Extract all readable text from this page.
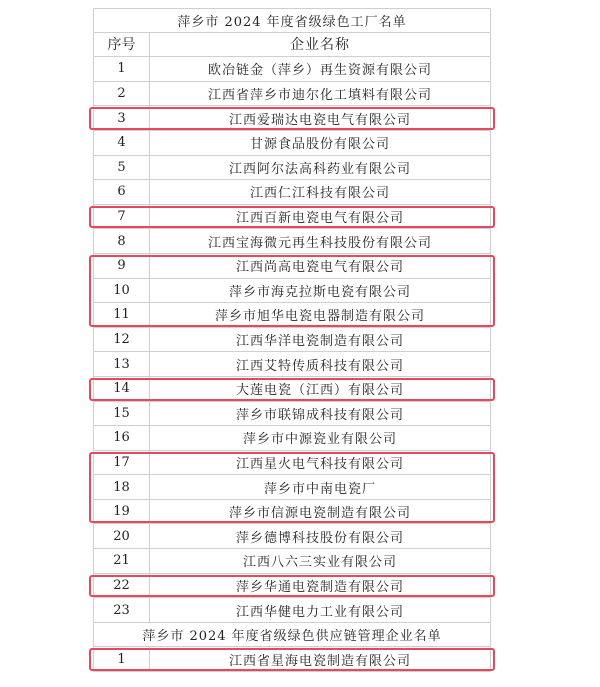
萍乡市 2024 年度省级绿色工厂名单
序号	企业名称
1	欧冶链金（萍乡）再生资源有限公司
2	江西省萍乡市迪尔化工填料有限公司
3	江西爱瑞达电瓷电气有限公司
4	甘源食品股份有限公司
5	江西阿尔法高科药业有限公司
6	江西仁江科技有限公司
7	江西百新电瓷电气有限公司
8	江西宝海微元再生科技股份有限公司
9	江西尚高电瓷电气有限公司
10	萍乡市海克拉斯电瓷有限公司
11	萍乡市旭华电瓷电器制造有限公司
12	江西华洋电瓷制造有限公司
13	江西艾特传质科技有限公司
14	大莲电瓷（江西）有限公司
15	萍乡市联锦成科技有限公司
16	萍乡市中源瓷业有限公司
17	江西星火电气科技有限公司
18	萍乡市中南电瓷厂
19	萍乡市信源电瓷制造有限公司
20	萍乡德博科技股份有限公司
21	江西八六三实业有限公司
22	萍乡华通电瓷制造有限公司
23	江西华健电力工业有限公司
萍乡市 2024 年度省级绿色供应链管理企业名单
1	江西省星海电瓷制造有限公司
